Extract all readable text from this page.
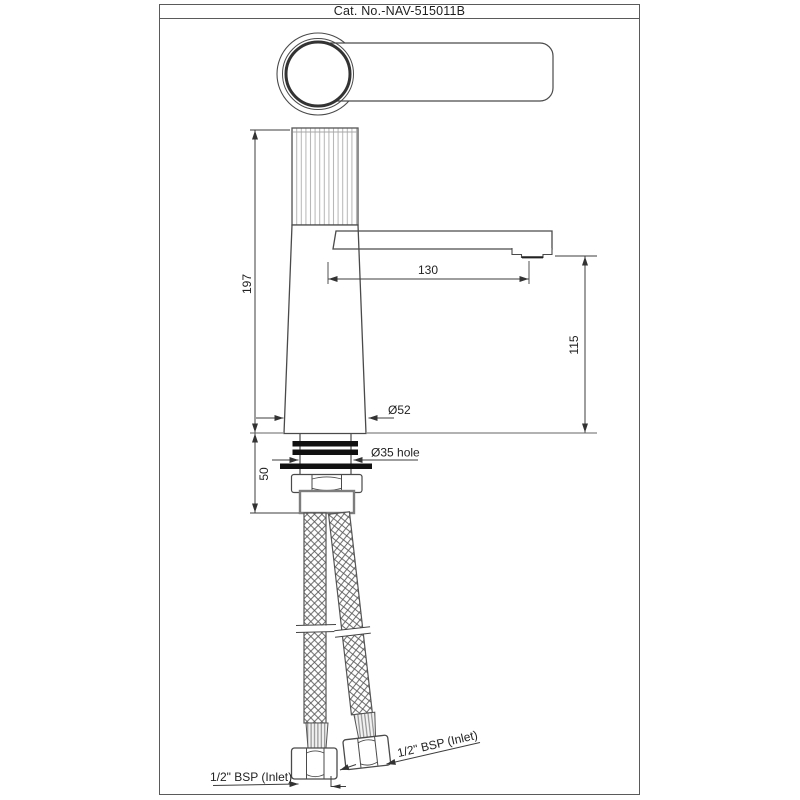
Cat. No.-NAV-515011B
197
50
130
115
Ø52
Ø35 hole
1/2" BSP (Inlet)
1/2" BSP (Inlet)
